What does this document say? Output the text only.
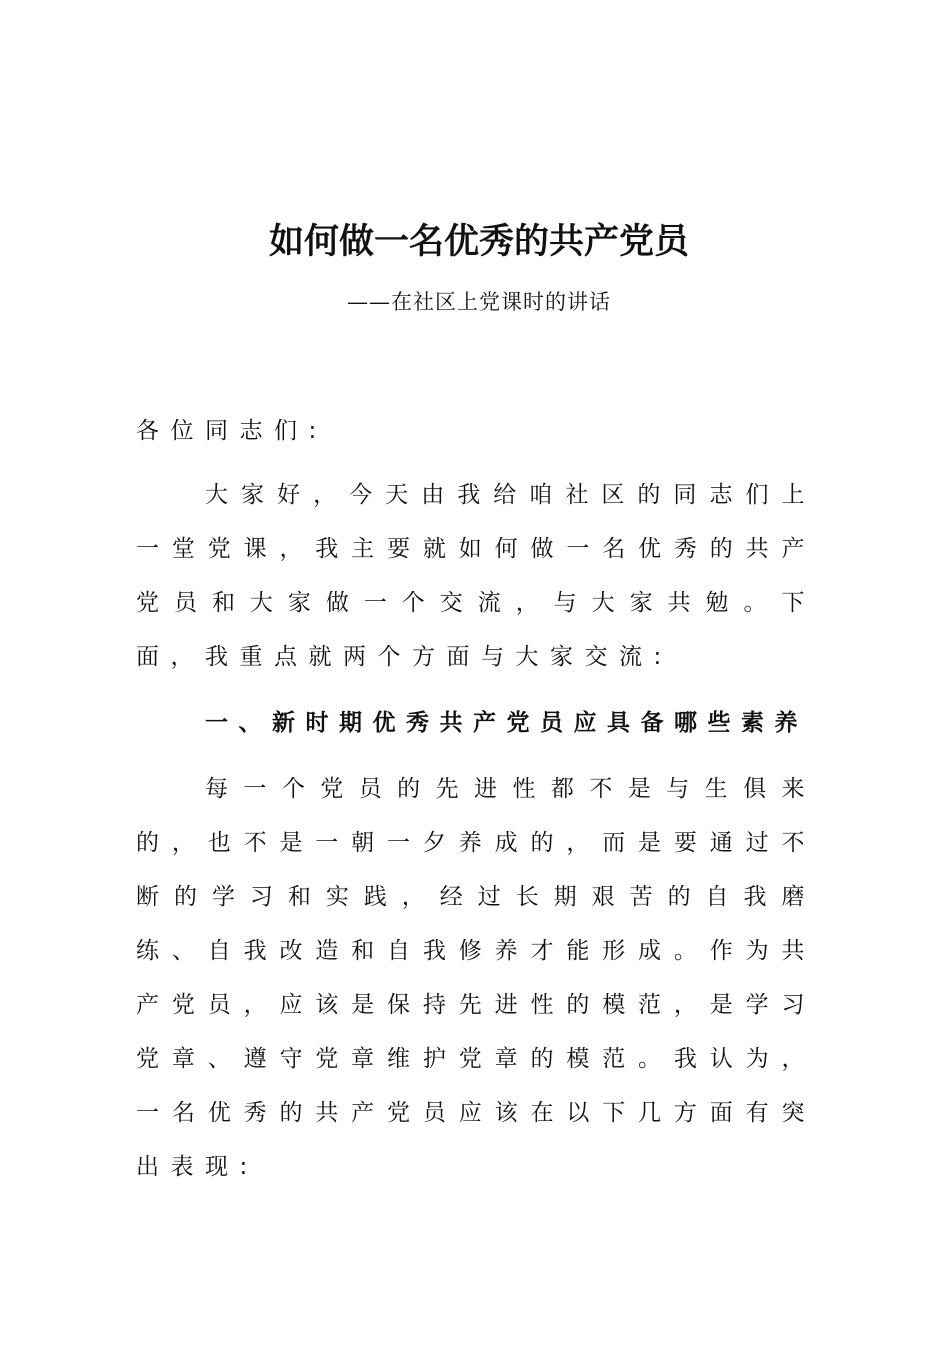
如何做一名优秀的共产党员
——在社区上党课时的讲话
各位同志们:
大家好，今天由我给咱社区的同志们上一堂党课，我主要就如何做一名优秀的共产党员和大家做一个交流，与大家共勉。下面，我重点就两个方面与大家交流:
一、新时期优秀共产党员应具备哪些素养
每一个党员的先进性都不是与生俱来的，也不是一朝一夕养成的，而是要通过不断的学习和实践，经过长期艰苦的自我磨练、自我改造和自我修养才能形成。作为共产党员，应该是保持先进性的模范，是学习党章、遵守党章维护党章的模范。我认为，一名优秀的共产党员应该在以下几方面有突出表现:
